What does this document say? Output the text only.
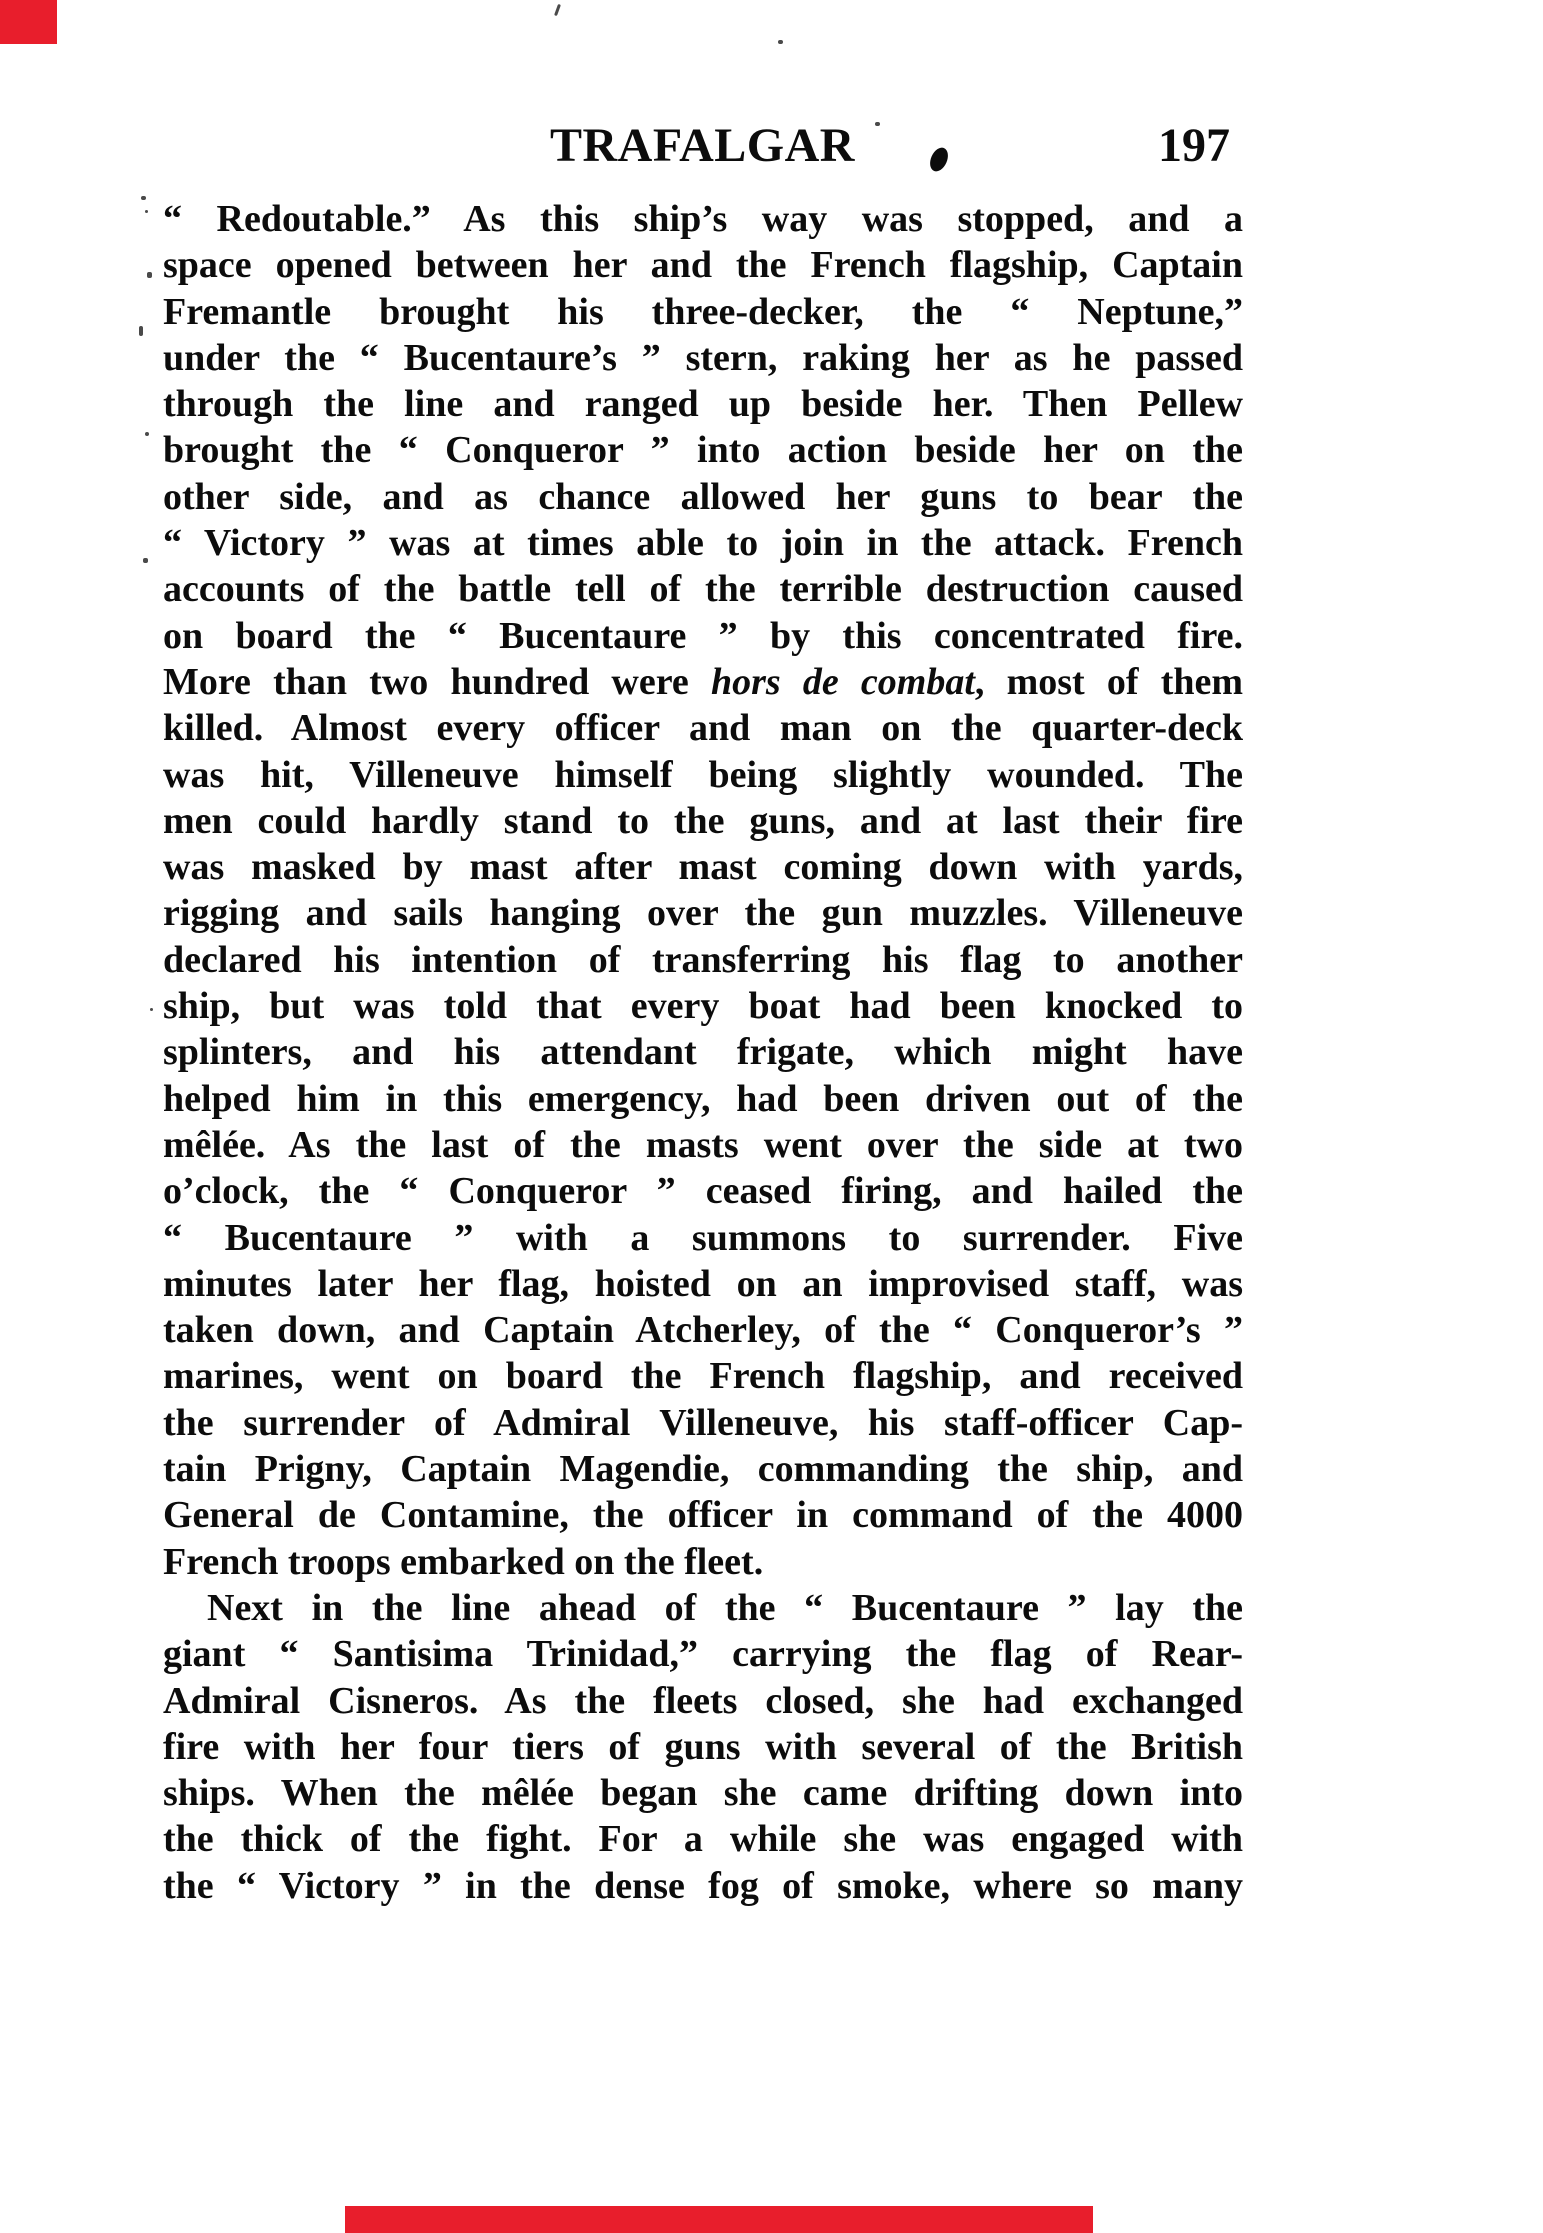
TRAFALGAR	197
“ Redoutable.” As this ship’s way was stopped, and a
space opened between her and the French flagship, Captain
Fremantle brought his three-decker, the “ Neptune,”
under the “ Bucentaure’s ” stern, raking her as he passed
through the line and ranged up beside her. Then Pellew
brought the “ Conqueror ” into action beside her on the
other side, and as chance allowed her guns to bear the
“ Victory ” was at times able to join in the attack. French
accounts of the battle tell of the terrible destruction caused
on board the “ Bucentaure ” by this concentrated fire.
More than two hundred were hors de combat, most of them
killed. Almost every officer and man on the quarter-deck
was hit, Villeneuve himself being slightly wounded. The
men could hardly stand to the guns, and at last their fire
was masked by mast after mast coming down with yards,
rigging and sails hanging over the gun muzzles. Villeneuve
declared his intention of transferring his flag to another
ship, but was told that every boat had been knocked to
splinters, and his attendant frigate, which might have
helped him in this emergency, had been driven out of the
mêlée. As the last of the masts went over the side at two
o’clock, the “ Conqueror ” ceased firing, and hailed the
“ Bucentaure ” with a summons to surrender. Five
minutes later her flag, hoisted on an improvised staff, was
taken down, and Captain Atcherley, of the “ Conqueror’s ”
marines, went on board the French flagship, and received
the surrender of Admiral Villeneuve, his staff-officer Cap-
tain Prigny, Captain Magendie, commanding the ship, and
General de Contamine, the officer in command of the 4000
French troops embarked on the fleet.
Next in the line ahead of the “ Bucentaure ” lay the
giant “ Santisima Trinidad,” carrying the flag of Rear-
Admiral Cisneros. As the fleets closed, she had exchanged
fire with her four tiers of guns with several of the British
ships. When the mêlée began she came drifting down into
the thick of the fight. For a while she was engaged with
the “ Victory ” in the dense fog of smoke, where so many
